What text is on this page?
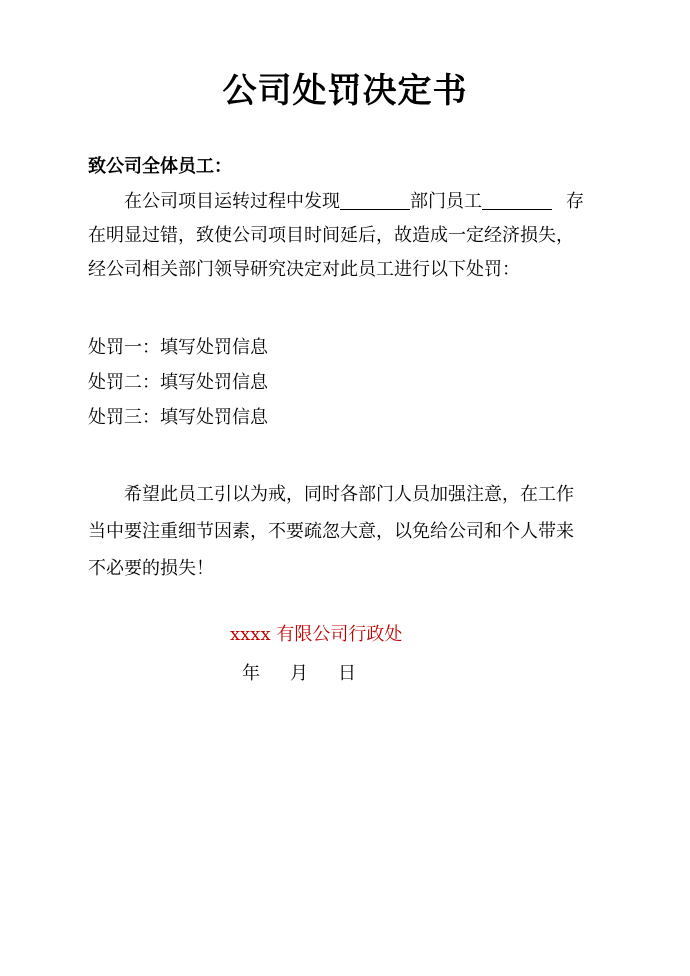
公司处罚决定书
致公司全体员工：
在公司项目运转过程中发现	部门员工	存
在明显过错，致使公司项目时间延后，故造成一定经济损失，
经公司相关部门领导研究决定对此员工进行以下处罚：
处罚一：填写处罚信息
处罚二：填写处罚信息
处罚三：填写处罚信息
希望此员工引以为戒，同时各部门人员加强注意，在工作
当中要注重细节因素，不要疏忽大意，以免给公司和个人带来
不必要的损失！
xxxx 有限公司行政处
年 月 日
